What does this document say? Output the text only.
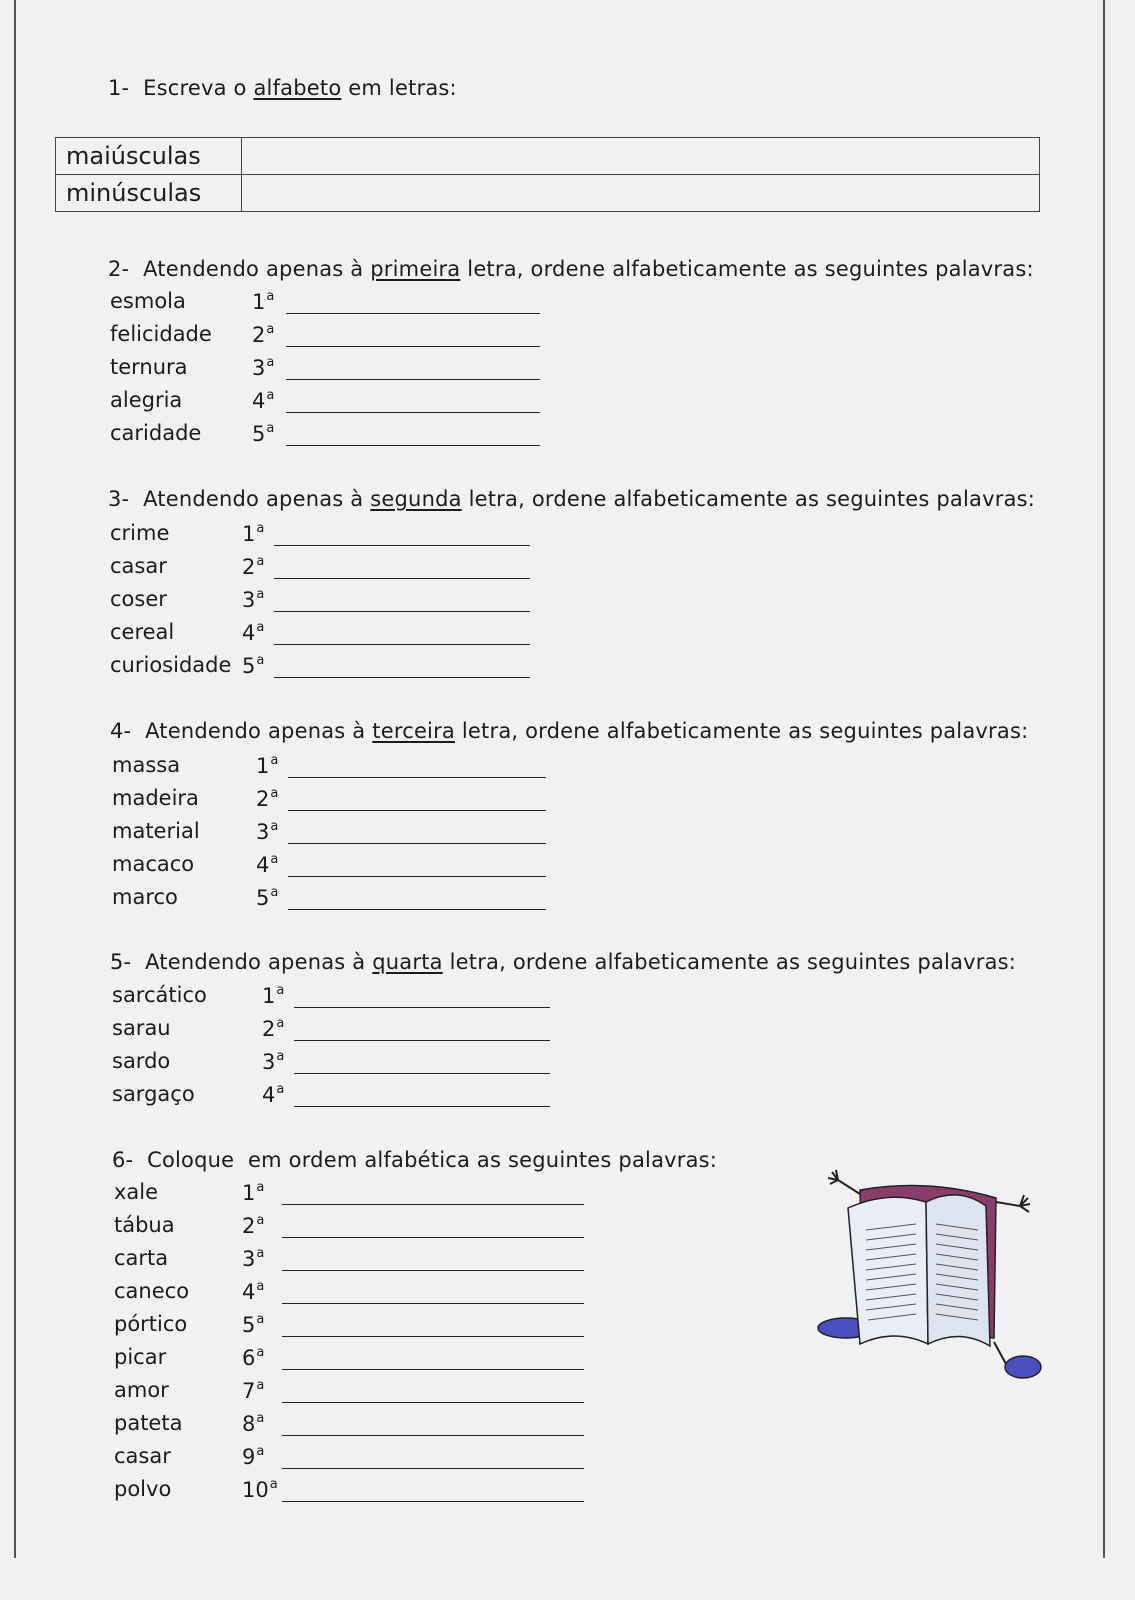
1- Escreva o alfabeto em letras:
maiúsculas	
minúsculas	
2- Atendendo apenas à primeira letra, ordene alfabeticamente as seguintes palavras:
esmola	1$^a$
felicidade 2$^a$
ternura	3$^a$
alegria	4$^a$
caridade 5$^a$
3- Atendendo apenas à segunda letra, ordene alfabeticamente as seguintes palavras:
crime	1$^a$
casar	2$^a$
coser	3$^a$
cereal	4$^a$
curiosidade 5$^a$
4- Atendendo apenas à terceira letra, ordene alfabeticamente as seguintes palavras:
massa	1$^a$
madeira	2$^a$
material	3$^a$
macaco	4$^a$
marco	5$^a$
5- Atendendo apenas à quarta letra, ordene alfabeticamente as seguintes palavras:
sarcático	1$^a$
sarau	2$^a$
sardo	3$^a$
sargaço	4$^a$
6- Coloque  em ordem alfabética as seguintes palavras:
xale	1$^a$
tábua	2$^a$
carta	3$^a$
caneco	4$^a$
pórtico	5$^a$
picar	6$^a$
amor	7$^a$
pateta	8$^a$
casar	9$^a$
polvo	10$^a$
